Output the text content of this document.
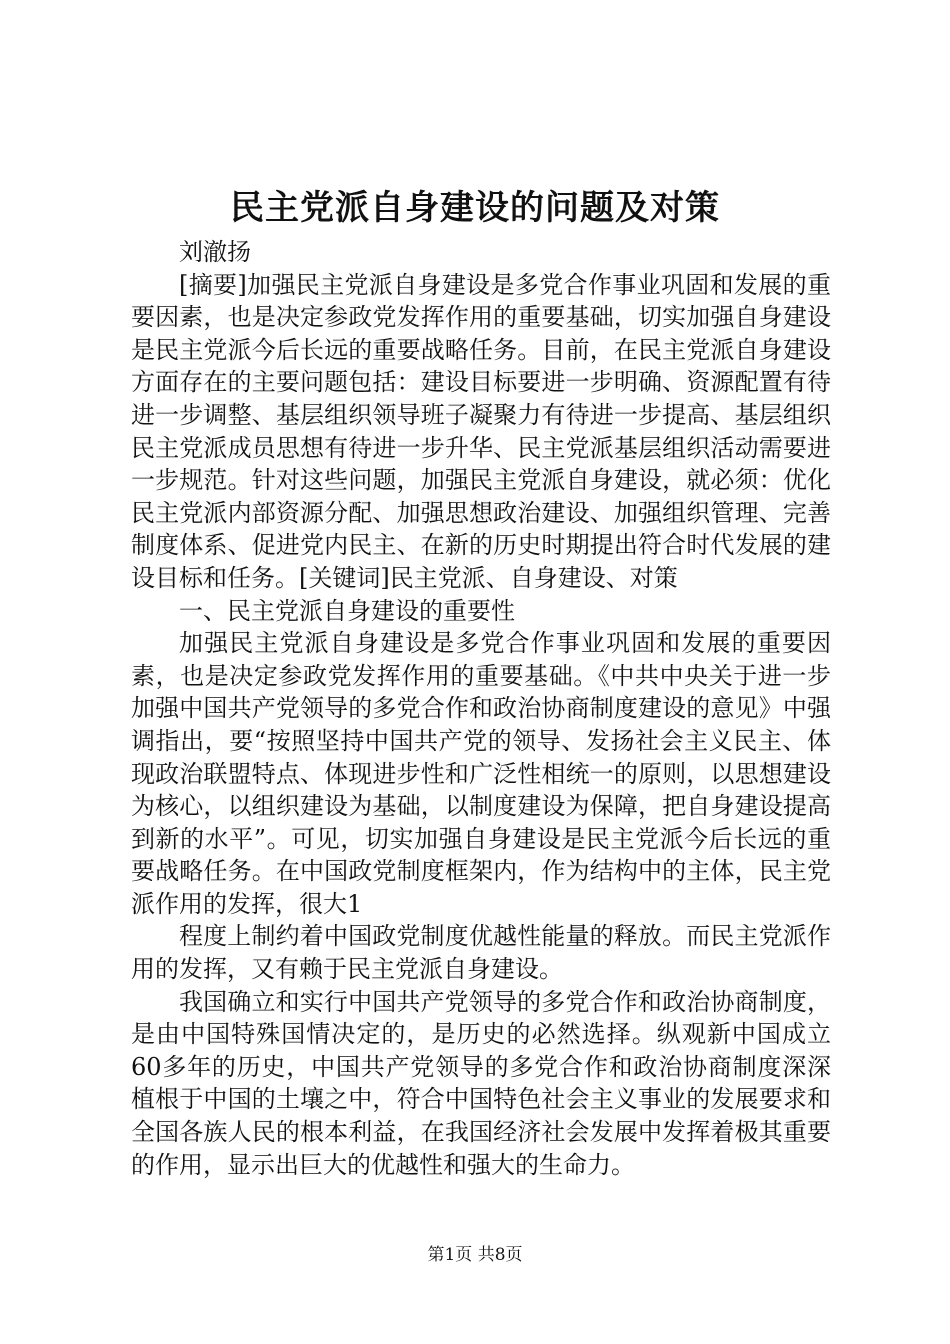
民主党派自身建设的问题及对策

刘澈扬

[摘要]加强民主党派自身建设是多党合作事业巩固和发展的重要因素，也是决定参政党发挥作用的重要基础，切实加强自身建设是民主党派今后长远的重要战略任务。目前，在民主党派自身建设方面存在的主要问题包括：建设目标要进一步明确、资源配置有待进一步调整、基层组织领导班子凝聚力有待进一步提高、基层组织民主党派成员思想有待进一步升华、民主党派基层组织活动需要进一步规范。针对这些问题，加强民主党派自身建设，就必须：优化民主党派内部资源分配、加强思想政治建设、加强组织管理、完善制度体系、促进党内民主、在新的历史时期提出符合时代发展的建设目标和任务。[关键词]民主党派、自身建设、对策

一、民主党派自身建设的重要性

加强民主党派自身建设是多党合作事业巩固和发展的重要因素，也是决定参政党发挥作用的重要基础。《中共中央关于进一步加强中国共产党领导的多党合作和政治协商制度建设的意见》中强调指出，要“按照坚持中国共产党的领导、发扬社会主义民主、体现政治联盟特点、体现进步性和广泛性相统一的原则，以思想建设为核心，以组织建设为基础，以制度建设为保障，把自身建设提高到新的水平”。可见，切实加强自身建设是民主党派今后长远的重要战略任务。在中国政党制度框架内，作为结构中的主体，民主党派作用的发挥，很大1

程度上制约着中国政党制度优越性能量的释放。而民主党派作用的发挥，又有赖于民主党派自身建设。

我国确立和实行中国共产党领导的多党合作和政治协商制度，是由中国特殊国情决定的，是历史的必然选择。纵观新中国成立60多年的历史，中国共产党领导的多党合作和政治协商制度深深植根于中国的土壤之中，符合中国特色社会主义事业的发展要求和全国各族人民的根本利益，在我国经济社会发展中发挥着极其重要的作用，显示出巨大的优越性和强大的生命力。

第1页 共8页
